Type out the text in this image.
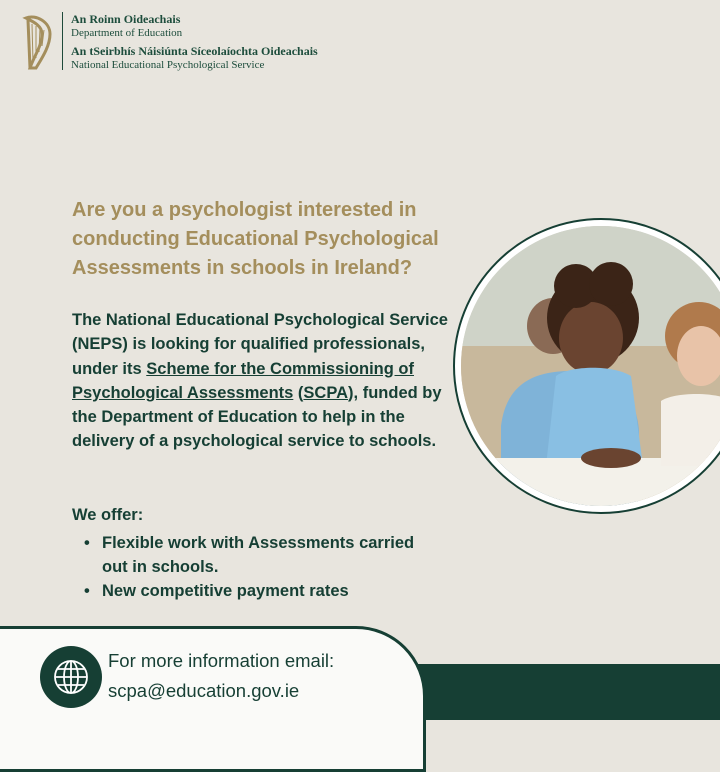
An Roinn Oideachais
Department of Education
An tSeirbhís Náisiúnta Síceolaíochta Oideachais
National Educational Psychological Service

Are you a psychologist interested in conducting Educational Psychological Assessments in schools in Ireland?

The National Educational Psychological Service (NEPS) is looking for qualified professionals, under its Scheme for the Commissioning of Psychological Assessments (SCPA), funded by the Department of Education to help in the delivery of a psychological service to schools.

We offer:

• Flexible work with Assessments carried out in schools.
• New competitive payment rates

For more information email:

scpa@education.gov.ie
